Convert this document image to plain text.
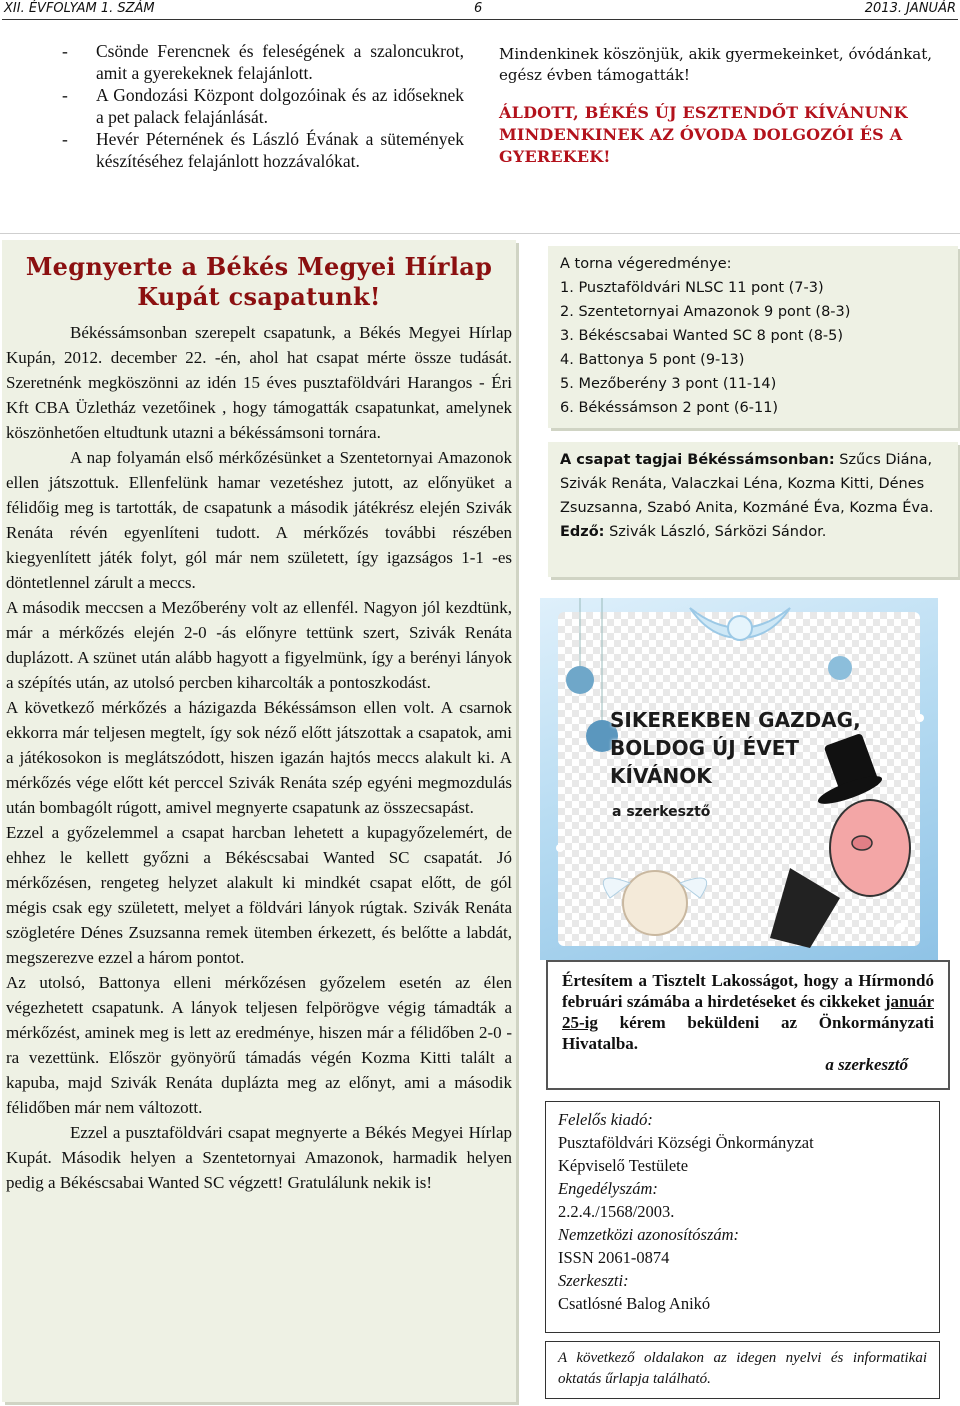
XII. ÉVFOLYAM 1. SZÁM	6	2013. JANUÁR
-	Csönde Ferencnek és feleségének a szaloncukrot, amit a gyerekeknek felajánlott.
-	A Gondozási Központ dolgozóinak és az időseknek a pet palack felajánlását.
-	Hevér Péternének és László Évának a sütemények készítéséhez felajánlott hozzávalókat.
Mindenkinek köszönjük, akik gyermekeinket, óvódánkat, egész évben támogatták!
ÁLDOTT, BÉKÉS ÚJ ESZTENDŐT KÍVÁNUNK MINDENKINEK AZ ÓVODA DOLGOZÓI ÉS A GYEREKEK!
Megnyerte a Békés Megyei Hírlap Kupát csapatunk!

Békéssámsonban szerepelt csapatunk, a Békés Megyei Hírlap Kupán, 2012. december 22. -én, ahol hat csapat mérte össze tudását. Szeretnénk megköszönni az idén 15 éves pusztaföldvári Harangos - Éri Kft CBA Üzletház vezetőinek , hogy támogatták csapatunkat, amelynek köszönhetően eltudtunk utazni a békéssámsoni tornára.

A nap folyamán első mérkőzésünket a Szentetornyai Amazonok ellen játszottuk. Ellenfelünk hamar vezetéshez jutott, az előnyüket a félidőig meg is tartották, de csapatunk a második játékrész elején Szivák Renáta révén egyenlíteni tudott. A mérkőzés további részében kiegyenlített játék folyt, gól már nem született, így igazságos 1-1 -es döntetlennel zárult a meccs.

A második meccsen a Mezőberény volt az ellenfél. Nagyon jól kezdtünk, már a mérkőzés elején 2-0 -ás előnyre tettünk szert, Szivák Renáta duplázott. A szünet után alább hagyott a figyelmünk, így a berényi lányok a szépítés után, az utolsó percben kiharcolták a pontoszkodást.

A következő mérkőzés a házigazda Békéssámson ellen volt. A csarnok ekkorra már teljesen megtelt, így sok néző előtt játszottak a csapatok, ami a játékosokon is meglátszódott, hiszen igazán hajtós meccs alakult ki. A mérkőzés vége előtt két perccel Szivák Renáta szép egyéni megmozdulás után bombagólt rúgott, amivel megnyerte csapatunk az összecsapást.

Ezzel a győzelemmel a csapat harcban lehetett a kupagyőzelemért, de ehhez le kellett győzni a Békéscsabai Wanted SC csapatát. Jó mérkőzésen, rengeteg helyzet alakult ki mindkét csapat előtt, de gól mégis csak egy született, melyet a földvári lányok rúgtak. Szivák Renáta szögletére Dénes Zsuzsanna remek ütemben érkezett, és belőtte a labdát, megszerezve ezzel a három pontot.

Az utolsó, Battonya elleni mérkőzésen győzelem esetén az élen végezhetett csapatunk. A lányok teljesen felpörögve végig támadták a mérkőzést, aminek meg is lett az eredménye, hiszen már a félidőben 2-0 -ra vezettünk. Először gyönyörű támadás végén Kozma Kitti talált a kapuba, majd Szivák Renáta duplázta meg az előnyt, ami a második félidőben már nem változott.

Ezzel a pusztaföldvári csapat megnyerte a Békés Megyei Hírlap Kupát. Második helyen a Szentetornyai Amazonok, harmadik helyen pedig a Békéscsabai Wanted SC végzett! Gratulálunk nekik is!

A torna végeredménye:
1. Pusztaföldvári NLSC 11 pont (7-3)
2. Szentetornyai Amazonok 9 pont (8-3)
3. Békéscsabai Wanted SC 8 pont (8-5)
4. Battonya 5 pont (9-13)
5. Mezőberény 3 pont (11-14)
6. Békéssámson 2 pont (6-11)
A csapat tagjai Békéssámsonban: Szűcs Diána, Szivák Renáta, Valaczkai Léna, Kozma Kitti, Dénes Zsuzsanna, Szabó Anita, Kozmáné Éva, Kozma Éva.
Edző: Szivák László, Sárközi Sándor.
SIKEREKBEN GAZDAG,
BOLDOG ÚJ ÉVET
KÍVÁNOK
a szerkesztő
Értesítem a Tisztelt Lakosságot, hogy a Hírmondó februári számába a hirdetéseket és cikkeket január 25-ig kérem beküldeni az Önkormányzati Hivatalba.
a szerkesztő
Felelős kiadó:
Pusztaföldvári Községi Önkormányzat
Képviselő Testülete
Engedélyszám:
2.2.4./1568/2003.
Nemzetközi azonosítószám:
ISSN 2061-0874
Szerkeszti:
Csatlósné Balog Anikó
A következő oldalakon az idegen nyelvi és informatikai oktatás űrlapja található.
